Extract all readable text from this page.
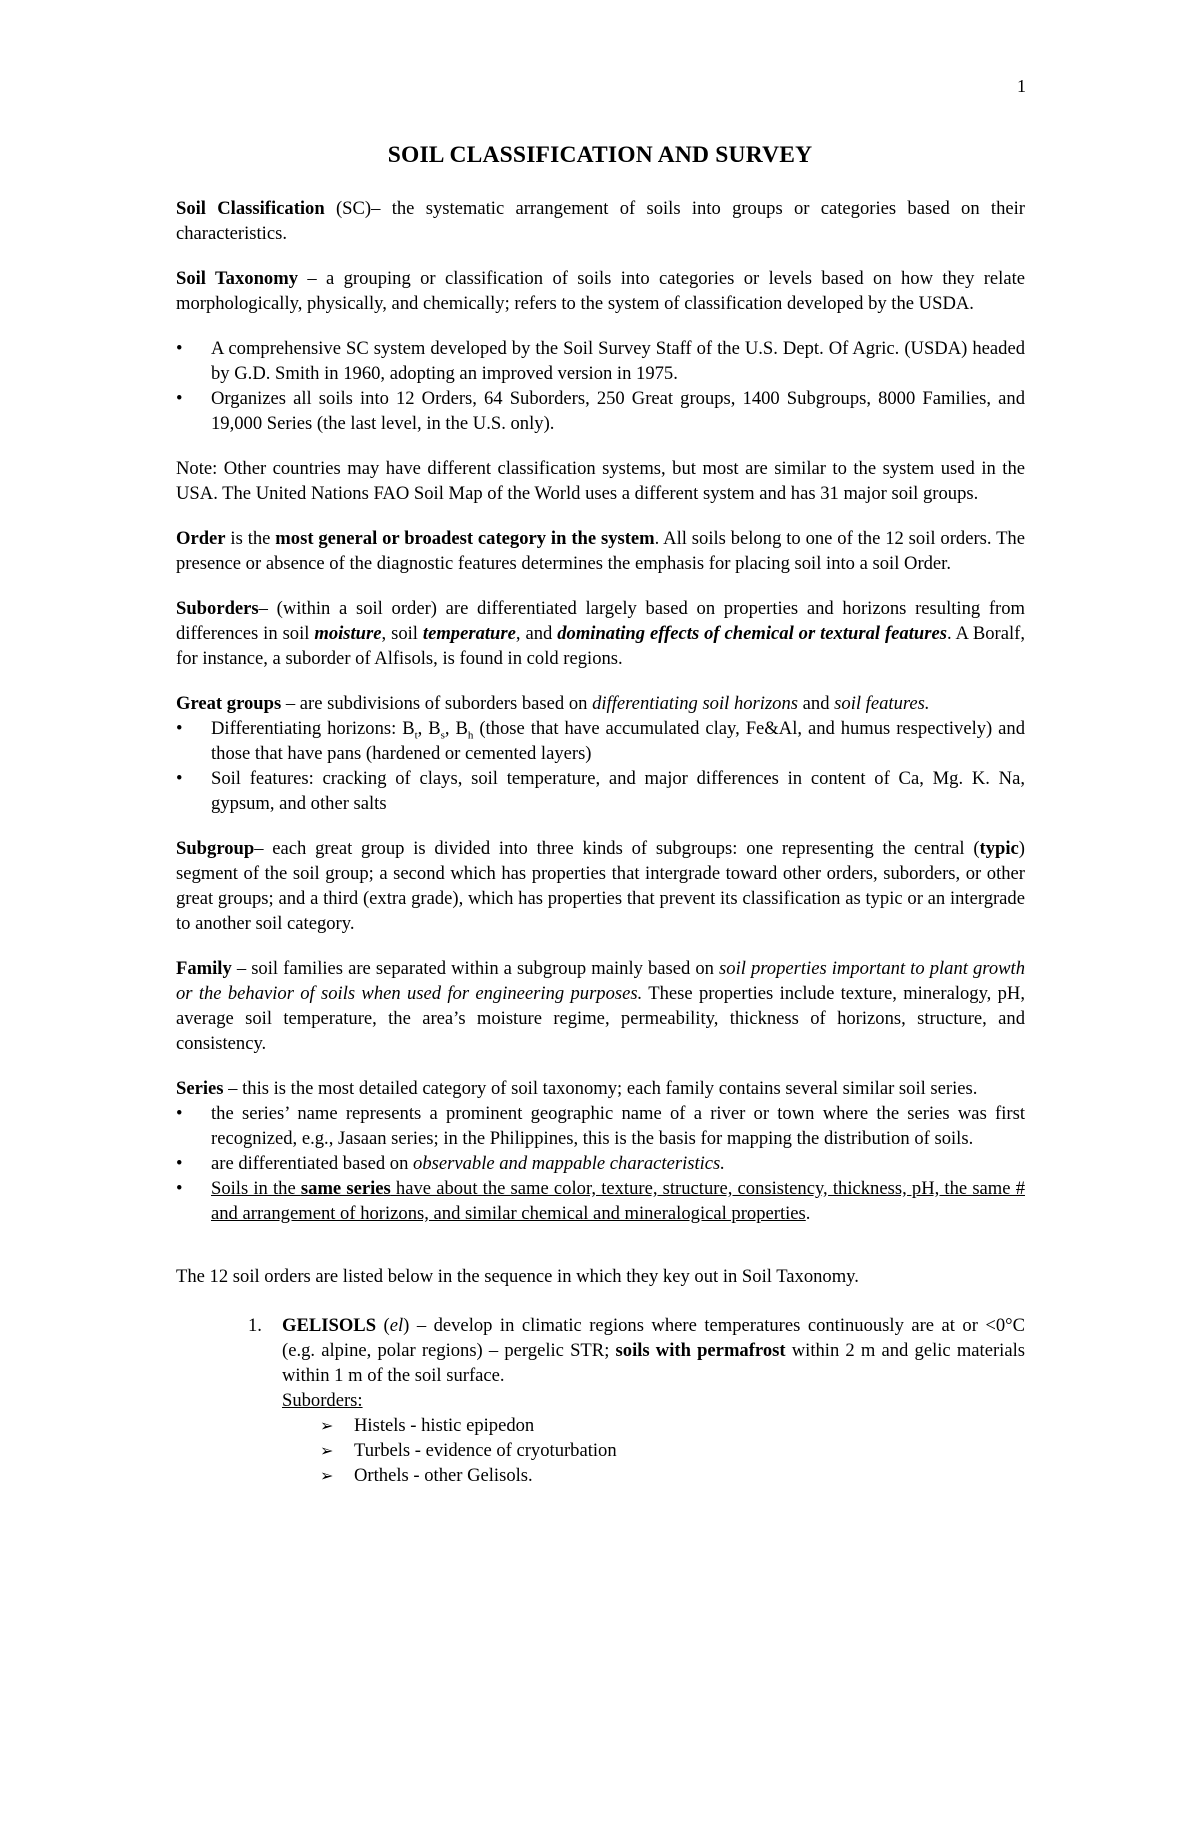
1
SOIL CLASSIFICATION AND SURVEY

Soil Classification (SC)– the systematic arrangement of soils into groups or categories based on their characteristics.

Soil Taxonomy – a grouping or classification of soils into categories or levels based on how they relate morphologically, physically, and chemically; refers to the system of classification developed by the USDA.

•	A comprehensive SC system developed by the Soil Survey Staff of the U.S. Dept. Of Agric. (USDA) headed by G.D. Smith in 1960, adopting an improved version in 1975.
•	Organizes all soils into 12 Orders, 64 Suborders, 250 Great groups, 1400 Subgroups, 8000 Families, and 19,000 Series (the last level, in the U.S. only).

Note: Other countries may have different classification systems, but most are similar to the system used in the USA. The United Nations FAO Soil Map of the World uses a different system and has 31 major soil groups.

Order is the most general or broadest category in the system. All soils belong to one of the 12 soil orders. The presence or absence of the diagnostic features determines the emphasis for placing soil into a soil Order.

Suborders– (within a soil order) are differentiated largely based on properties and horizons resulting from differences in soil moisture, soil temperature, and dominating effects of chemical or textural features. A Boralf, for instance, a suborder of Alfisols, is found in cold regions.

Great groups – are subdivisions of suborders based on differentiating soil horizons and soil features.

•	Differentiating horizons: $B_t$, $B_s$, $B_h$ (those that have accumulated clay, Fe&Al, and humus respectively) and those that have pans (hardened or cemented layers)
•	Soil features: cracking of clays, soil temperature, and major differences in content of Ca, Mg. K. Na, gypsum, and other salts

Subgroup– each great group is divided into three kinds of subgroups: one representing the central (typic) segment of the soil group; a second which has properties that intergrade toward other orders, suborders, or other great groups; and a third (extra grade), which has properties that prevent its classification as typic or an intergrade to another soil category.

Family – soil families are separated within a subgroup mainly based on soil properties important to plant growth or the behavior of soils when used for engineering purposes. These properties include texture, mineralogy, pH, average soil temperature, the area’s moisture regime, permeability, thickness of horizons, structure, and consistency.

Series – this is the most detailed category of soil taxonomy; each family contains several similar soil series.

•	the series’ name represents a prominent geographic name of a river or town where the series was first recognized, e.g., Jasaan series; in the Philippines, this is the basis for mapping the distribution of soils.
•	are differentiated based on observable and mappable characteristics.
•	Soils in the same series have about the same color, texture, structure, consistency, thickness, pH, the same # and arrangement of horizons, and similar chemical and mineralogical properties.

The 12 soil orders are listed below in the sequence in which they key out in Soil Taxonomy.

1. GELISOLS (el) – develop in climatic regions where temperatures continuously are at or <0°C (e.g. alpine, polar regions) – pergelic STR; soils with permafrost within 2 m and gelic materials within 1 m of the soil surface.
Suborders:
➢ Histels - histic epipedon
➢ Turbels - evidence of cryoturbation
➢ Orthels - other Gelisols.
